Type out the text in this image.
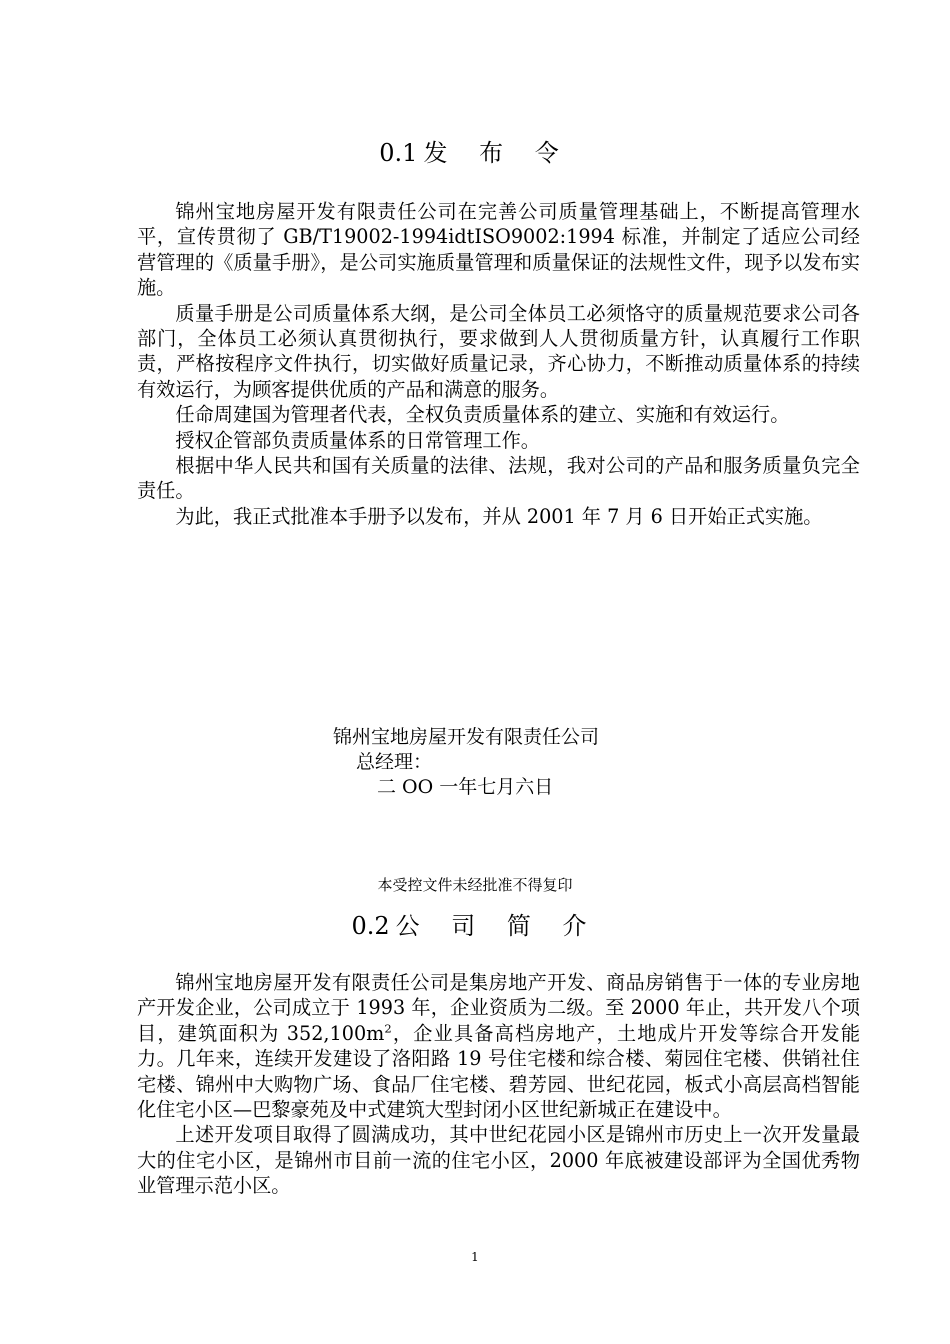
0.1 发 布 令

锦州宝地房屋开发有限责任公司在完善公司质量管理基础上，不断提高管理水平，宣传贯彻了 GB/T19002-1994idtISO9002:1994 标准，并制定了适应公司经营管理的《质量手册》，是公司实施质量管理和质量保证的法规性文件，现予以发布实施。

质量手册是公司质量体系大纲，是公司全体员工必须恪守的质量规范要求公司各部门，全体员工必须认真贯彻执行，要求做到人人贯彻质量方针，认真履行工作职责，严格按程序文件执行，切实做好质量记录，齐心协力，不断推动质量体系的持续有效运行，为顾客提供优质的产品和满意的服务。

任命周建国为管理者代表，全权负责质量体系的建立、实施和有效运行。

授权企管部负责质量体系的日常管理工作。

根据中华人民共和国有关质量的法律、法规，我对公司的产品和服务质量负完全责任。

为此，我正式批准本手册予以发布，并从 2001 年 7 月 6 日开始正式实施。

锦州宝地房屋开发有限责任公司
总经理：
二 OO 一年七月六日
本受控文件未经批准不得复印
0.2 公 司 简 介

锦州宝地房屋开发有限责任公司是集房地产开发、商品房销售于一体的专业房地产开发企业，公司成立于 1993 年，企业资质为二级。至 2000 年止，共开发八个项目，建筑面积为 $352,100m^2$，企业具备高档房地产，土地成片开发等综合开发能力。几年来，连续开发建设了洛阳路 19 号住宅楼和综合楼、菊园住宅楼、供销社住宅楼、锦州中大购物广场、食品厂住宅楼、碧芳园、世纪花园，板式小高层高档智能化住宅小区—巴黎豪苑及中式建筑大型封闭小区世纪新城正在建设中。

上述开发项目取得了圆满成功，其中世纪花园小区是锦州市历史上一次开发量最大的住宅小区，是锦州市目前一流的住宅小区，2000 年底被建设部评为全国优秀物业管理示范小区。

1
